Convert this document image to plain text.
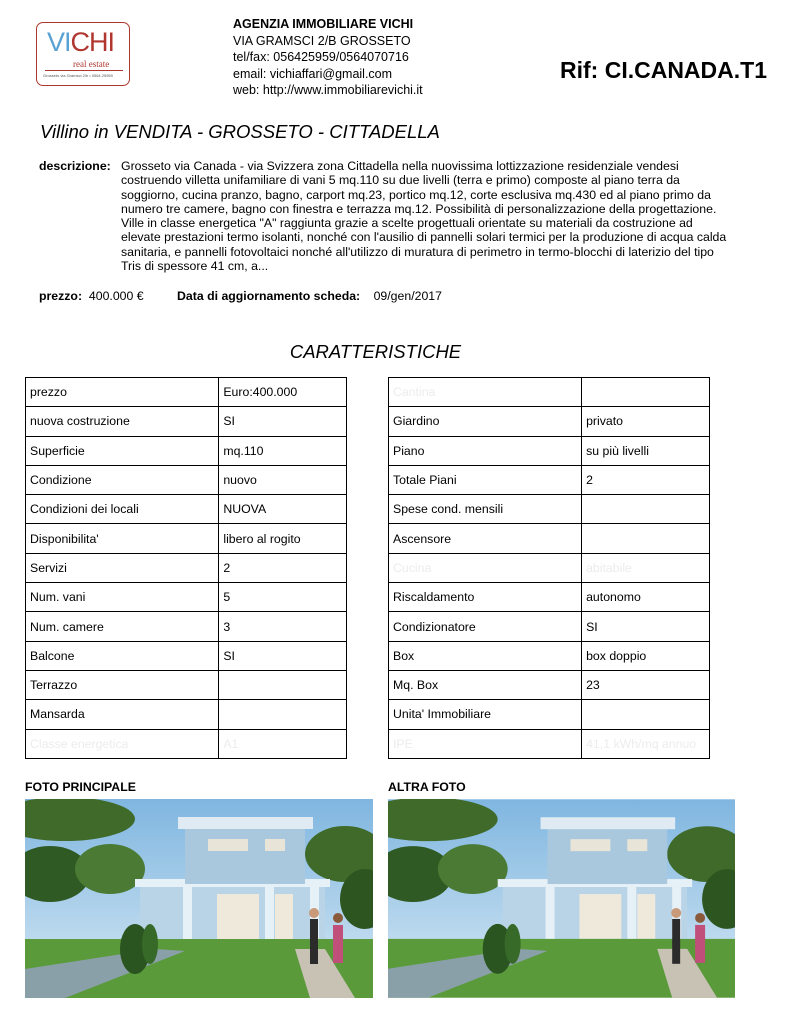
VICHI
real estate
Grosseto via Gramsci 2/b • 0564.25959
AGENZIA IMMOBILIARE VICHI
VIA GRAMSCI 2/B GROSSETO
tel/fax: 056425959/0564070716
email: vichiaffari@gmail.com
web: http://www.immobiliarevichi.it
Rif: CI.CANADA.T1
Villino in VENDITA - GROSSETO - CITTADELLA
descrizione: Grosseto via Canada - via Svizzera zona Cittadella nella nuovissima lottizzazione residenziale vendesi
costruendo villetta unifamiliare di vani 5 mq.110 su due livelli (terra e primo) composte al piano terra da
soggiorno, cucina pranzo, bagno, carport mq.23, portico mq.12, corte esclusiva mq.430 ed al piano primo da
numero tre camere, bagno con finestra e terrazza mq.12. Possibilità di personalizzazione della progettazione.
Ville in classe energetica "A" raggiunta grazie a scelte progettuali orientate su materiali da costruzione ad
elevate prestazioni termo isolanti, nonché con l'ausilio di pannelli solari termici per la produzione di acqua calda
sanitaria, e pannelli fotovoltaici nonché all'utilizzo di muratura di perimetro in termo-blocchi di laterizio del tipo
Tris di spessore 41 cm, a...
prezzo: 400.000 €	Data di aggiornamento scheda: 09/gen/2017
CARATTERISTICHE
prezzo	Euro:400.000
nuova costruzione	SI
Superficie	mq.110
Condizione	nuovo
Condizioni dei locali	NUOVA
Disponibilita'	libero al rogito
Servizi	2
Num. vani	5
Num. camere	3
Balcone	SI
Terrazzo	
Mansarda	
Classe energetica	A1
Cantina	
Giardino	privato
Piano	su più livelli
Totale Piani	2
Spese cond. mensili	
Ascensore	
Cucina	abitabile
Riscaldamento	autonomo
Condizionatore	SI
Box	box doppio
Mq. Box	23
Unita' Immobiliare	
IPE	41,1 kWh/mq annuo
FOTO PRINCIPALE	ALTRA FOTO
